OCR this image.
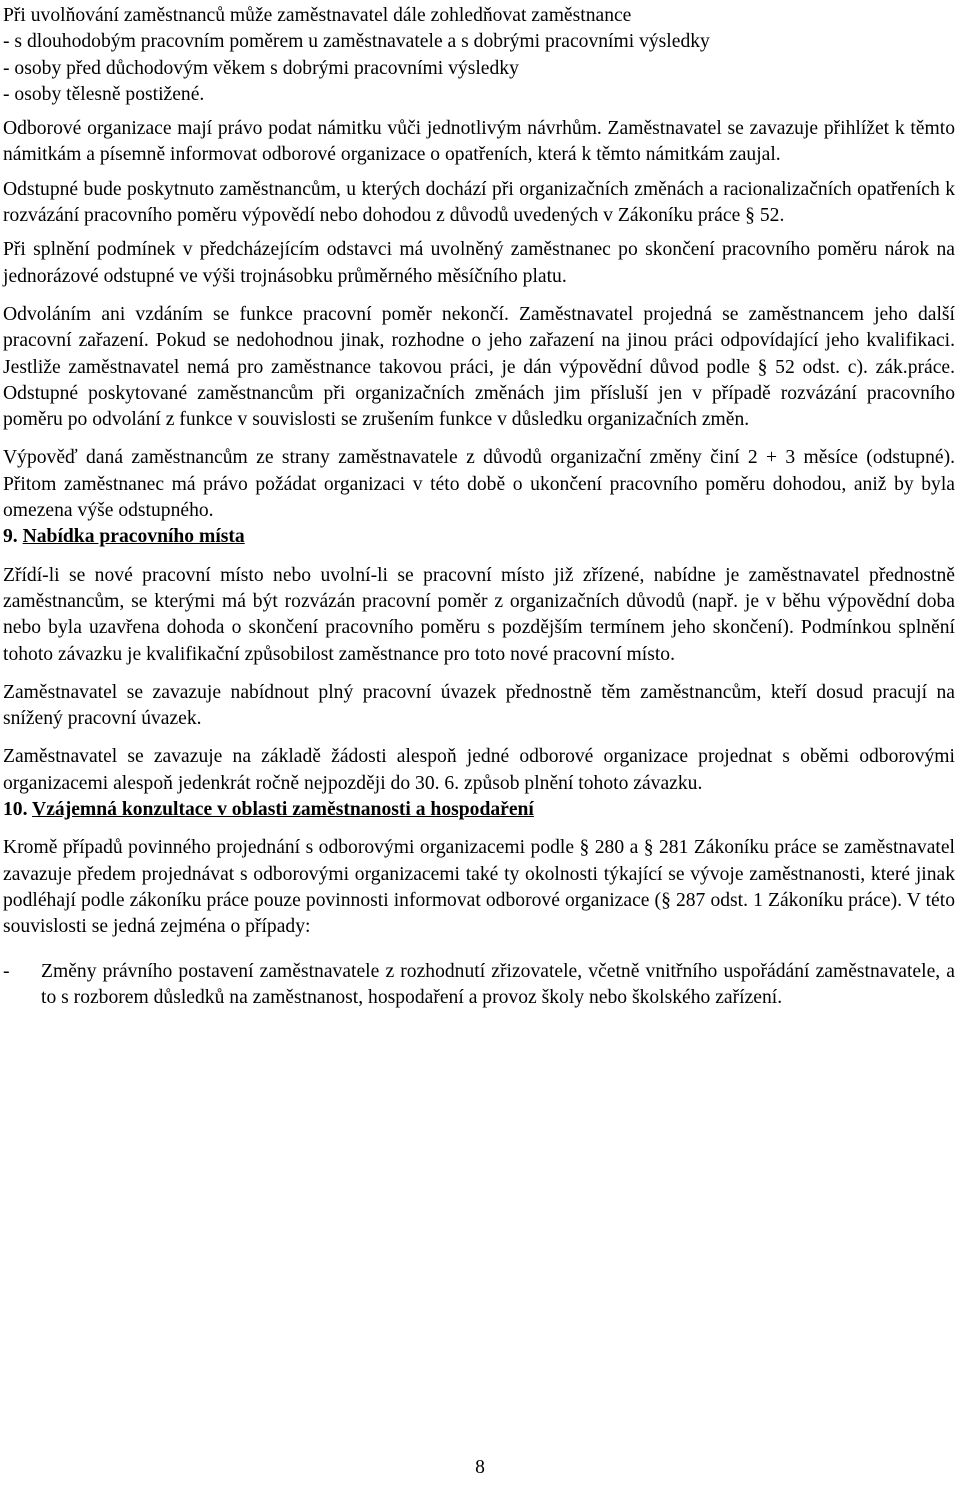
Při uvolňování zaměstnanců může zaměstnavatel dále zohledňovat zaměstnance

- s dlouhodobým pracovním poměrem u zaměstnavatele a s dobrými pracovními výsledky

- osoby před důchodovým věkem s dobrými pracovními výsledky

- osoby tělesně postižené.

Odborové organizace mají právo podat námitku vůči jednotlivým návrhům. Zaměstnavatel se zavazuje přihlížet k těmto námitkám a písemně informovat odborové organizace o opatřeních, která k těmto námitkám zaujal.

Odstupné bude poskytnuto zaměstnancům, u kterých dochází při organizačních změnách a racionalizačních opatřeních k rozvázání pracovního poměru výpovědí nebo dohodou z důvodů uvedených v Zákoníku práce § 52.

Při splnění podmínek v předcházejícím odstavci má uvolněný zaměstnanec po skončení pracovního poměru nárok na jednorázové odstupné ve výši trojnásobku průměrného měsíčního platu.

Odvoláním ani vzdáním se funkce pracovní poměr nekončí. Zaměstnavatel projedná se zaměstnancem jeho další pracovní zařazení. Pokud se nedohodnou jinak, rozhodne o jeho zařazení na jinou práci odpovídající jeho kvalifikaci. Jestliže zaměstnavatel nemá pro zaměstnance takovou práci, je dán výpovědní důvod podle § 52 odst. c). zák.práce. Odstupné poskytované zaměstnancům při organizačních změnách jim přísluší jen v případě rozvázání pracovního poměru po odvolání z funkce v souvislosti se zrušením funkce v důsledku organizačních změn.

Výpověď daná zaměstnancům ze strany zaměstnavatele z důvodů organizační změny činí 2 + 3 měsíce (odstupné). Přitom zaměstnanec má právo požádat organizaci v této době o ukončení pracovního poměru dohodou, aniž by byla omezena výše odstupného.

9. Nabídka pracovního místa

Zřídí-li se nové pracovní místo nebo uvolní-li se pracovní místo již zřízené, nabídne je zaměstnavatel přednostně zaměstnancům, se kterými má být rozvázán pracovní poměr z organizačních důvodů (např. je v běhu výpovědní doba nebo byla uzavřena dohoda o skončení pracovního poměru s pozdějším termínem jeho skončení). Podmínkou splnění tohoto závazku je kvalifikační způsobilost zaměstnance pro toto nové pracovní místo.

Zaměstnavatel se zavazuje nabídnout plný pracovní úvazek přednostně těm zaměstnancům, kteří dosud pracují na snížený pracovní úvazek.

Zaměstnavatel se zavazuje na základě žádosti alespoň jedné odborové organizace projednat s oběmi odborovými organizacemi alespoň jedenkrát ročně nejpozději do 30. 6. způsob plnění tohoto závazku.

10. Vzájemná konzultace v oblasti zaměstnanosti a hospodaření

Kromě případů povinného projednání s odborovými organizacemi podle § 280 a § 281 Zákoníku práce se zaměstnavatel zavazuje předem projednávat s odborovými organizacemi také ty okolnosti týkající se vývoje zaměstnanosti, které jinak podléhají podle zákoníku práce pouze povinnosti informovat odborové organizace (§ 287 odst. 1 Zákoníku práce). V této souvislosti se jedná zejména o případy:

-	Změny právního postavení zaměstnavatele z rozhodnutí zřizovatele, včetně vnitřního uspořádání zaměstnavatele, a to s rozborem důsledků na zaměstnanost, hospodaření a provoz školy nebo školského zařízení.
8
